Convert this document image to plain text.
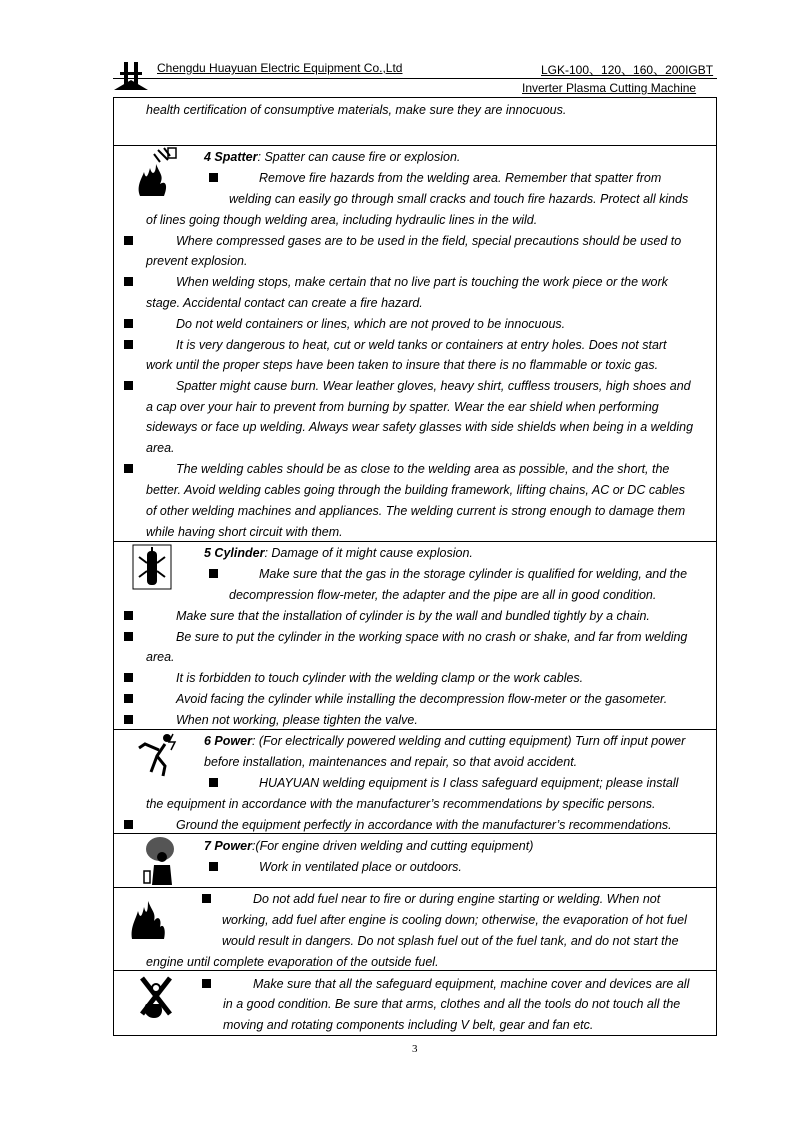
Chengdu Huayuan Electric Equipment Co.,Ltd	LGK-100、120、160、200IGBT
Inverter Plasma Cutting Machine
health certification of consumptive materials, make sure they are innocuous.
4 Spatter: Spatter can cause fire or explosion.
Remove fire hazards from the welding area. Remember that spatter from
welding can easily go through small cracks and touch fire hazards. Protect all kinds
of lines going though welding area, including hydraulic lines in the wild.
Where compressed gases are to be used in the field, special precautions should be used to
prevent explosion.
When welding stops, make certain that no live part is touching the work piece or the work
stage. Accidental contact can create a fire hazard.
Do not weld containers or lines, which are not proved to be innocuous.
It is very dangerous to heat, cut or weld tanks or containers at entry holes. Does not start
work until the proper steps have been taken to insure that there is no flammable or toxic gas.
Spatter might cause burn. Wear leather gloves, heavy shirt, cuffless trousers, high shoes and
a cap over your hair to prevent from burning by spatter. Wear the ear shield when performing
sideways or face up welding. Always wear safety glasses with side shields when being in a welding
area.
The welding cables should be as close to the welding area as possible, and the short, the
better. Avoid welding cables going through the building framework, lifting chains, AC or DC cables
of other welding machines and appliances. The welding current is strong enough to damage them
while having short circuit with them.
5 Cylinder: Damage of it might cause explosion.
Make sure that the gas in the storage cylinder is qualified for welding, and the
decompression flow-meter, the adapter and the pipe are all in good condition.
Make sure that the installation of cylinder is by the wall and bundled tightly by a chain.
Be sure to put the cylinder in the working space with no crash or shake, and far from welding
area.
It is forbidden to touch cylinder with the welding clamp or the work cables.
Avoid facing the cylinder while installing the decompression flow-meter or the gasometer.
When not working, please tighten the valve.
6 Power: (For electrically powered welding and cutting equipment) Turn off input power
before installation, maintenances and repair, so that avoid accident.
HUAYUAN welding equipment is I class safeguard equipment; please install
the equipment in accordance with the manufacturer’s recommendations by specific persons.
Ground the equipment perfectly in accordance with the manufacturer’s recommendations.
7 Power:(For engine driven welding and cutting equipment)
Work in ventilated place or outdoors.
Do not add fuel near to fire or during engine starting or welding. When not
working, add fuel after engine is cooling down; otherwise, the evaporation of hot fuel
would result in dangers. Do not splash fuel out of the fuel tank, and do not start the
engine until complete evaporation of the outside fuel.
Make sure that all the safeguard equipment, machine cover and devices are all
in a good condition. Be sure that arms, clothes and all the tools do not touch all the
moving and rotating components including V belt, gear and fan etc.
3
